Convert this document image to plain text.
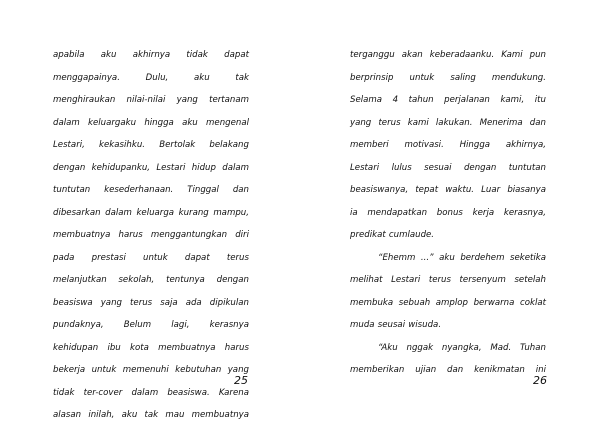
apabila aku akhirnya tidak dapat
menggapainya.	Dulu,	aku	tak
menghiraukan nilai-nilai yang tertanam
dalam keluargaku hingga aku mengenal
Lestari, kekasihku. Bertolak belakang
dengan kehidupanku, Lestari hidup dalam
tuntutan kesederhanaan. Tinggal dan
dibesarkan dalam keluarga kurang mampu,
membuatnya harus menggantungkan diri
pada prestasi untuk dapat terus
melanjutkan sekolah, tentunya dengan
beasiswa yang terus saja ada dipikulan
pundaknya, Belum lagi, kerasnya
kehidupan ibu kota membuatnya harus
bekerja untuk memenuhi kebutuhan yang
tidak ter-cover dalam beasiswa. Karena
alasan inilah, aku tak mau membuatnya
25
terganggu akan keberadaanku. Kami pun
berprinsip untuk saling mendukung.
Selama 4 tahun perjalanan kami, itu
yang terus kami lakukan. Menerima dan
memberi motivasi. Hingga akhirnya,
Lestari lulus sesuai dengan tuntutan
beasiswanya, tepat waktu. Luar biasanya
ia mendapatkan bonus kerja kerasnya,
predikat cumlaude.
“Ehemm ...” aku berdehem seketika
melihat Lestari terus tersenyum setelah
membuka sebuah amplop berwarna coklat
muda seusai wisuda.
“Aku nggak nyangka, Mad. Tuhan
memberikan ujian dan kenikmatan ini
26
